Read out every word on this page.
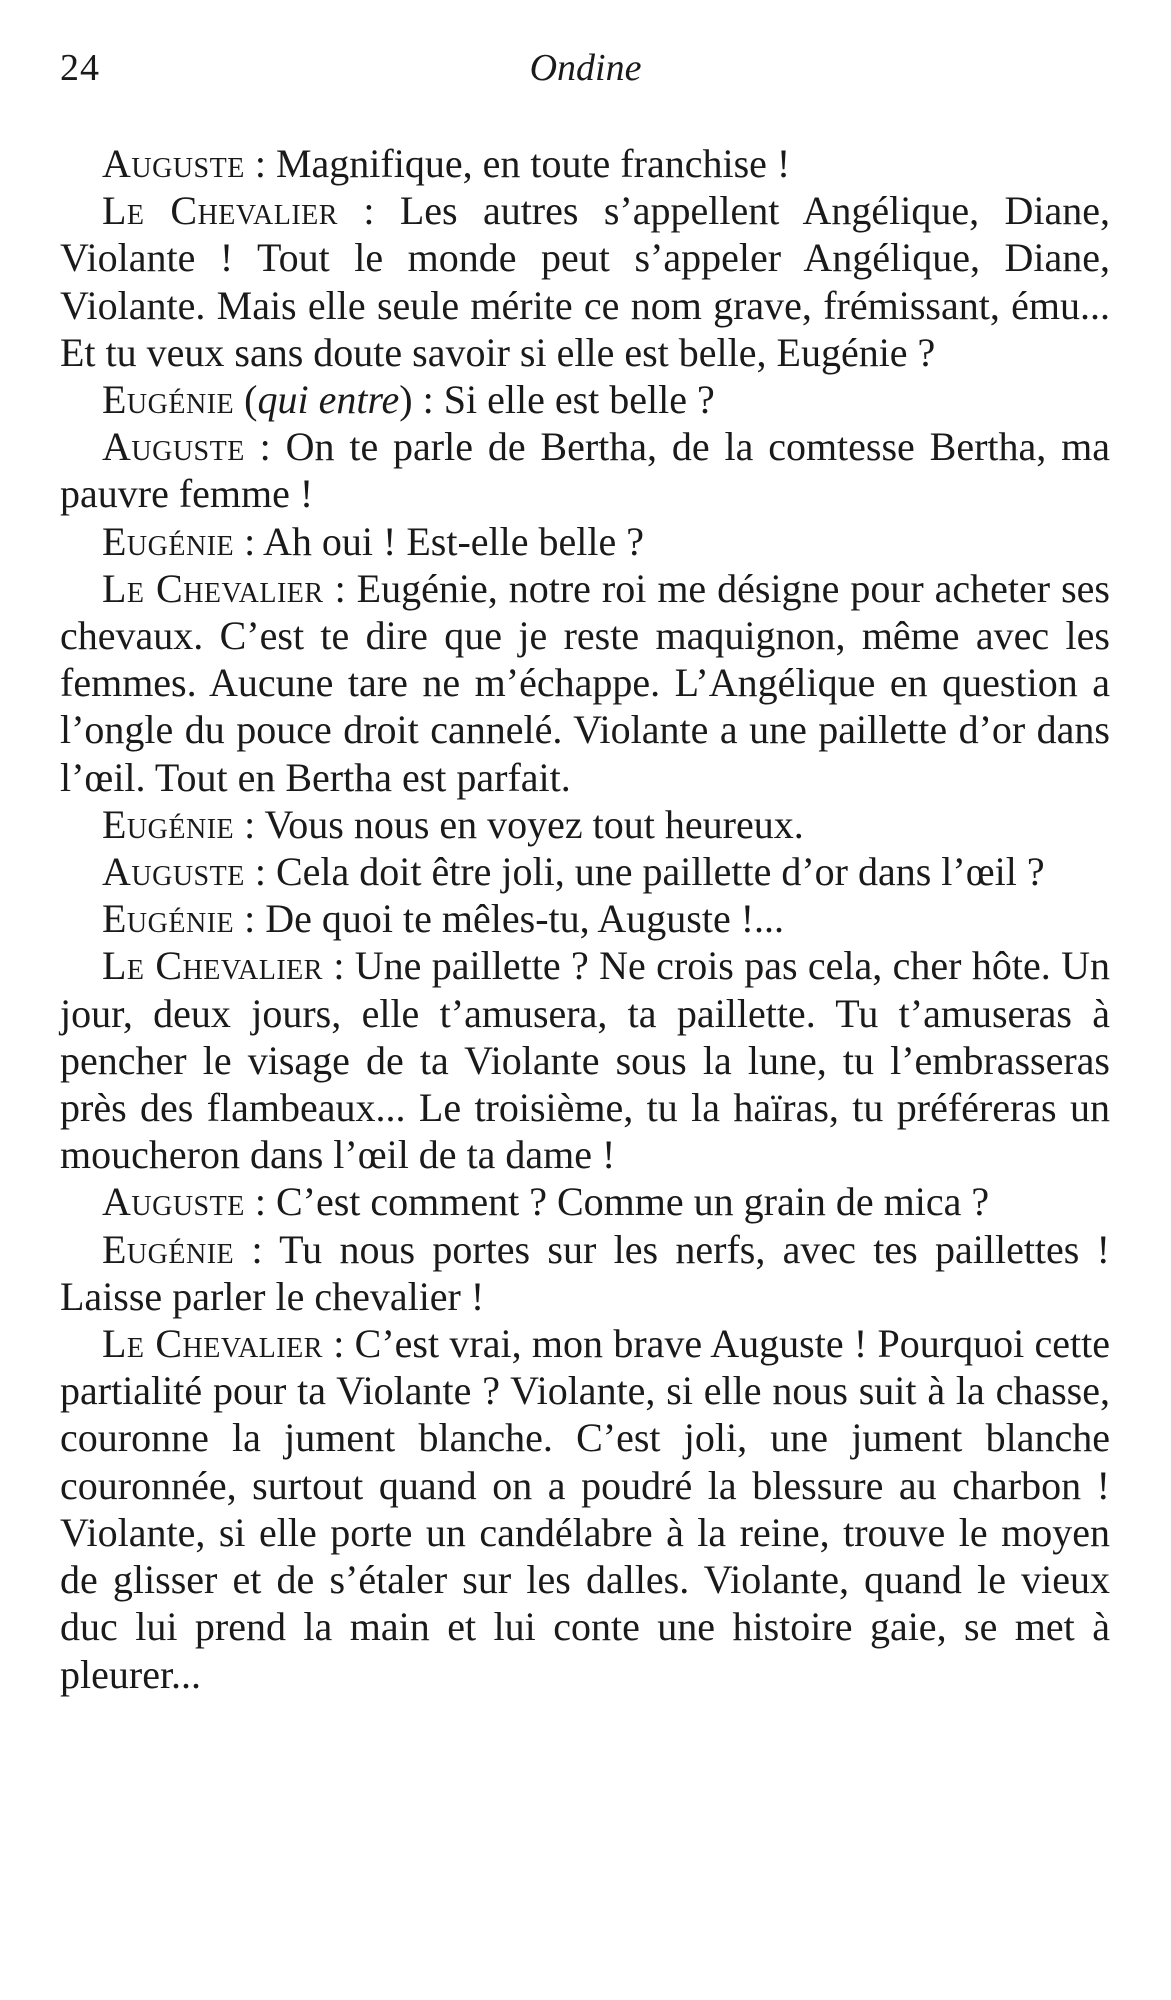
24	Ondine

Auguste : Magnifique, en toute franchise !

Le Chevalier : Les autres s’appellent Angélique, Diane, Violante ! Tout le monde peut s’appeler Angélique, Diane, Violante. Mais elle seule mérite ce nom grave, frémissant, ému... Et tu veux sans doute savoir si elle est belle, Eugénie ?

Eugénie (qui entre) : Si elle est belle ?

Auguste : On te parle de Bertha, de la comtesse Bertha, ma pauvre femme !

Eugénie : Ah oui ! Est-elle belle ?

Le Chevalier : Eugénie, notre roi me désigne pour acheter ses chevaux. C’est te dire que je reste maquignon, même avec les femmes. Aucune tare ne m’échappe. L’Angélique en question a l’ongle du pouce droit cannelé. Violante a une paillette d’or dans l’œil. Tout en Bertha est parfait.

Eugénie : Vous nous en voyez tout heureux.

Auguste : Cela doit être joli, une paillette d’or dans l’œil ?

Eugénie : De quoi te mêles-tu, Auguste !...

Le Chevalier : Une paillette ? Ne crois pas cela, cher hôte. Un jour, deux jours, elle t’amusera, ta paillette. Tu t’amuseras à pencher le visage de ta Violante sous la lune, tu l’embrasseras près des flambeaux... Le troisième, tu la haïras, tu préféreras un moucheron dans l’œil de ta dame !

Auguste : C’est comment ? Comme un grain de mica ?

Eugénie : Tu nous portes sur les nerfs, avec tes paillettes ! Laisse parler le chevalier !

Le Chevalier : C’est vrai, mon brave Auguste ! Pourquoi cette partialité pour ta Violante ? Violante, si elle nous suit à la chasse, couronne la jument blanche. C’est joli, une jument blanche couronnée, surtout quand on a poudré la blessure au charbon ! Violante, si elle porte un candélabre à la reine, trouve le moyen de glisser et de s’étaler sur les dalles. Violante, quand le vieux duc lui prend la main et lui conte une histoire gaie, se met à pleurer...
